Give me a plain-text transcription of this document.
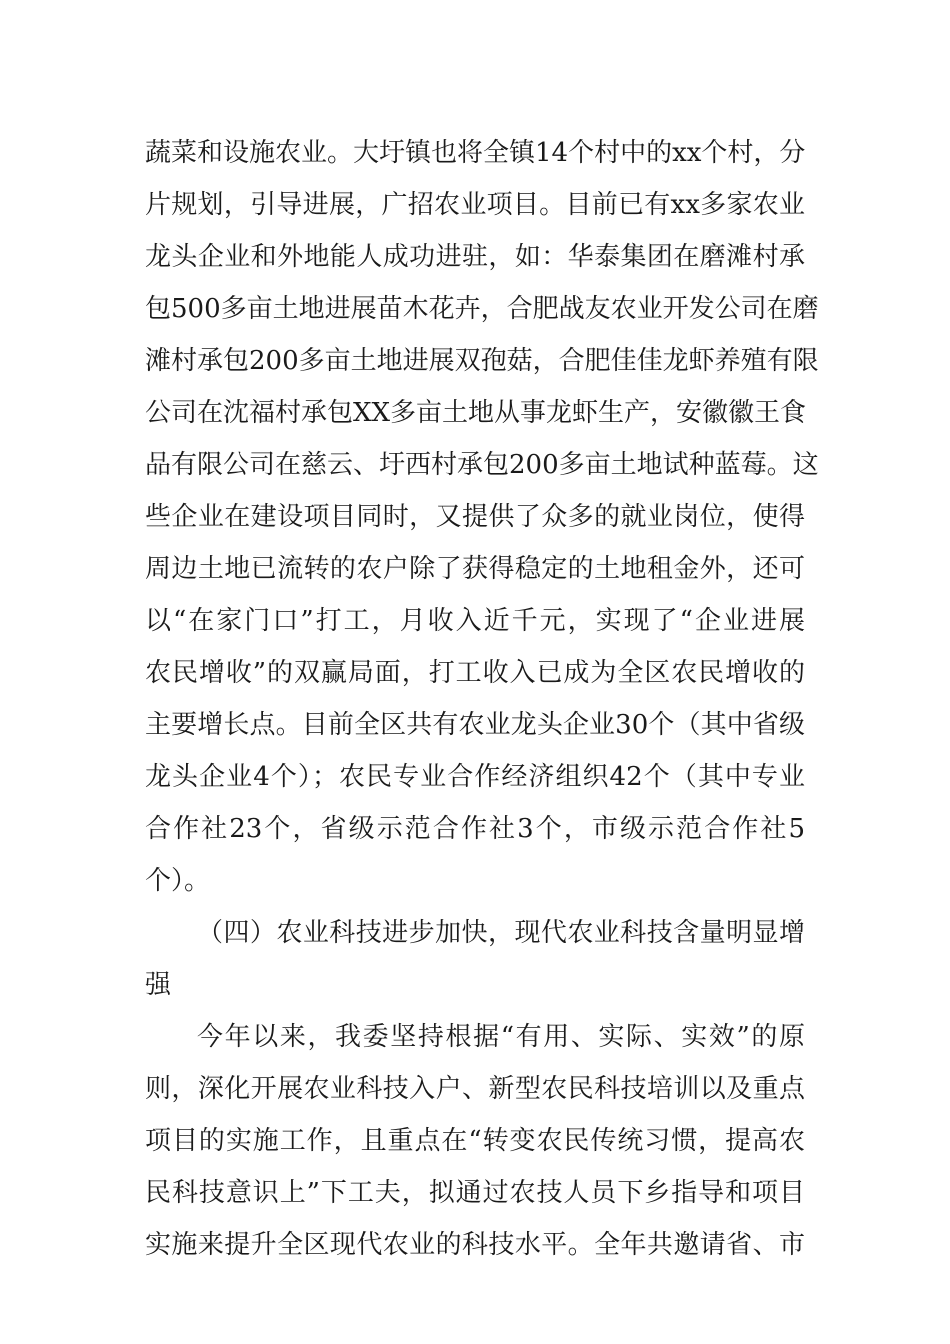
蔬菜和设施农业。大圩镇也将全镇14个村中的xx个村，分
片规划，引导进展，广招农业项目。目前已有xx多家农业
龙头企业和外地能人成功进驻，如：华泰集团在磨滩村承
包500多亩土地进展苗木花卉，合肥战友农业开发公司在磨
滩村承包200多亩土地进展双孢菇，合肥佳佳龙虾养殖有限
公司在沈福村承包XX多亩土地从事龙虾生产，安徽徽王食
品有限公司在慈云、圩西村承包200多亩土地试种蓝莓。这
些企业在建设项目同时，又提供了众多的就业岗位，使得
周边土地已流转的农户除了获得稳定的土地租金外，还可
以“在家门口”打工，月收入近千元，实现了“企业进展
农民增收”的双赢局面，打工收入已成为全区农民增收的
主要增长点。目前全区共有农业龙头企业30个（其中省级
龙头企业4个）；农民专业合作经济组织42个（其中专业
合作社23个，省级示范合作社3个，市级示范合作社5
个）。
（四）农业科技进步加快，现代农业科技含量明显增
强
今年以来，我委坚持根据“有用、实际、实效”的原
则，深化开展农业科技入户、新型农民科技培训以及重点
项目的实施工作，且重点在“转变农民传统习惯，提高农
民科技意识上”下工夫，拟通过农技人员下乡指导和项目
实施来提升全区现代农业的科技水平。全年共邀请省、市
